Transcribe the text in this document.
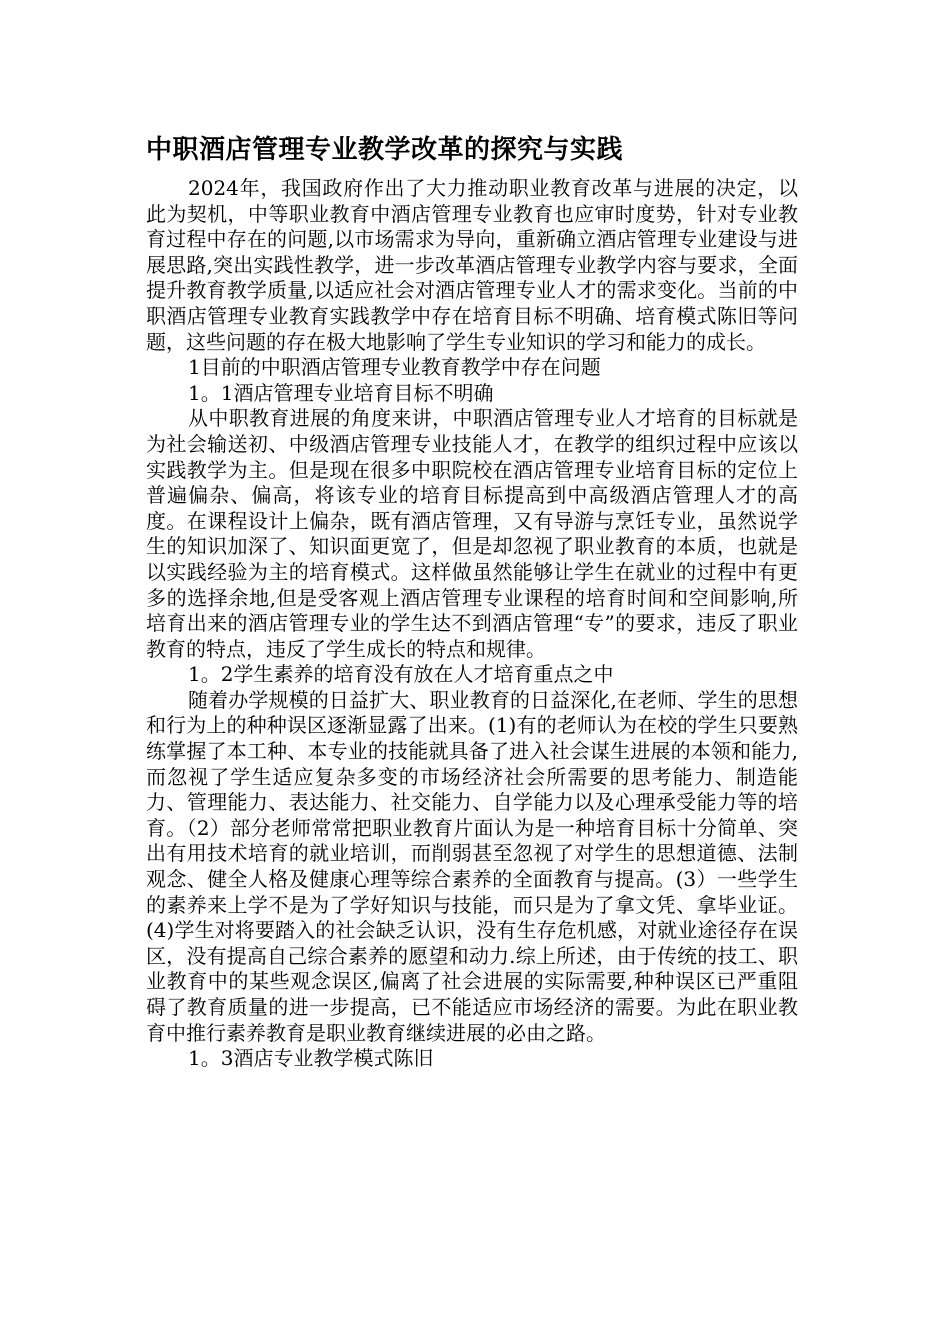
中职酒店管理专业教学改革的探究与实践

2024年，我国政府作出了大力推动职业教育改革与进展的决定，以此为契机，中等职业教育中酒店管理专业教育也应审时度势，针对专业教育过程中存在的问题,以市场需求为导向，重新确立酒店管理专业建设与进展思路,突出实践性教学，进一步改革酒店管理专业教学内容与要求，全面提升教育教学质量,以适应社会对酒店管理专业人才的需求变化。当前的中职酒店管理专业教育实践教学中存在培育目标不明确、培育模式陈旧等问题，这些问题的存在极大地影响了学生专业知识的学习和能力的成长。

1目前的中职酒店管理专业教育教学中存在问题

1。1酒店管理专业培育目标不明确

从中职教育进展的角度来讲，中职酒店管理专业人才培育的目标就是为社会输送初、中级酒店管理专业技能人才，在教学的组织过程中应该以实践教学为主。但是现在很多中职院校在酒店管理专业培育目标的定位上普遍偏杂、偏高，将该专业的培育目标提高到中高级酒店管理人才的高度。在课程设计上偏杂，既有酒店管理，又有导游与烹饪专业，虽然说学生的知识加深了、知识面更宽了，但是却忽视了职业教育的本质，也就是以实践经验为主的培育模式。这样做虽然能够让学生在就业的过程中有更多的选择余地,但是受客观上酒店管理专业课程的培育时间和空间影响,所培育出来的酒店管理专业的学生达不到酒店管理“专”的要求，违反了职业教育的特点，违反了学生成长的特点和规律。

1。2学生素养的培育没有放在人才培育重点之中

随着办学规模的日益扩大、职业教育的日益深化,在老师、学生的思想和行为上的种种误区逐渐显露了出来。(1)有的老师认为在校的学生只要熟练掌握了本工种、本专业的技能就具备了进入社会谋生进展的本领和能力,而忽视了学生适应复杂多变的市场经济社会所需要的思考能力、制造能力、管理能力、表达能力、社交能力、自学能力以及心理承受能力等的培育。（2）部分老师常常把职业教育片面认为是一种培育目标十分简单、突出有用技术培育的就业培训，而削弱甚至忽视了对学生的思想道德、法制观念、健全人格及健康心理等综合素养的全面教育与提高。(3）一些学生的素养来上学不是为了学好知识与技能，而只是为了拿文凭、拿毕业证。(4)学生对将要踏入的社会缺乏认识，没有生存危机感，对就业途径存在误区，没有提高自己综合素养的愿望和动力.综上所述，由于传统的技工、职业教育中的某些观念误区,偏离了社会进展的实际需要,种种误区已严重阻碍了教育质量的进一步提高，已不能适应市场经济的需要。为此在职业教育中推行素养教育是职业教育继续进展的必由之路。

1。3酒店专业教学模式陈旧
